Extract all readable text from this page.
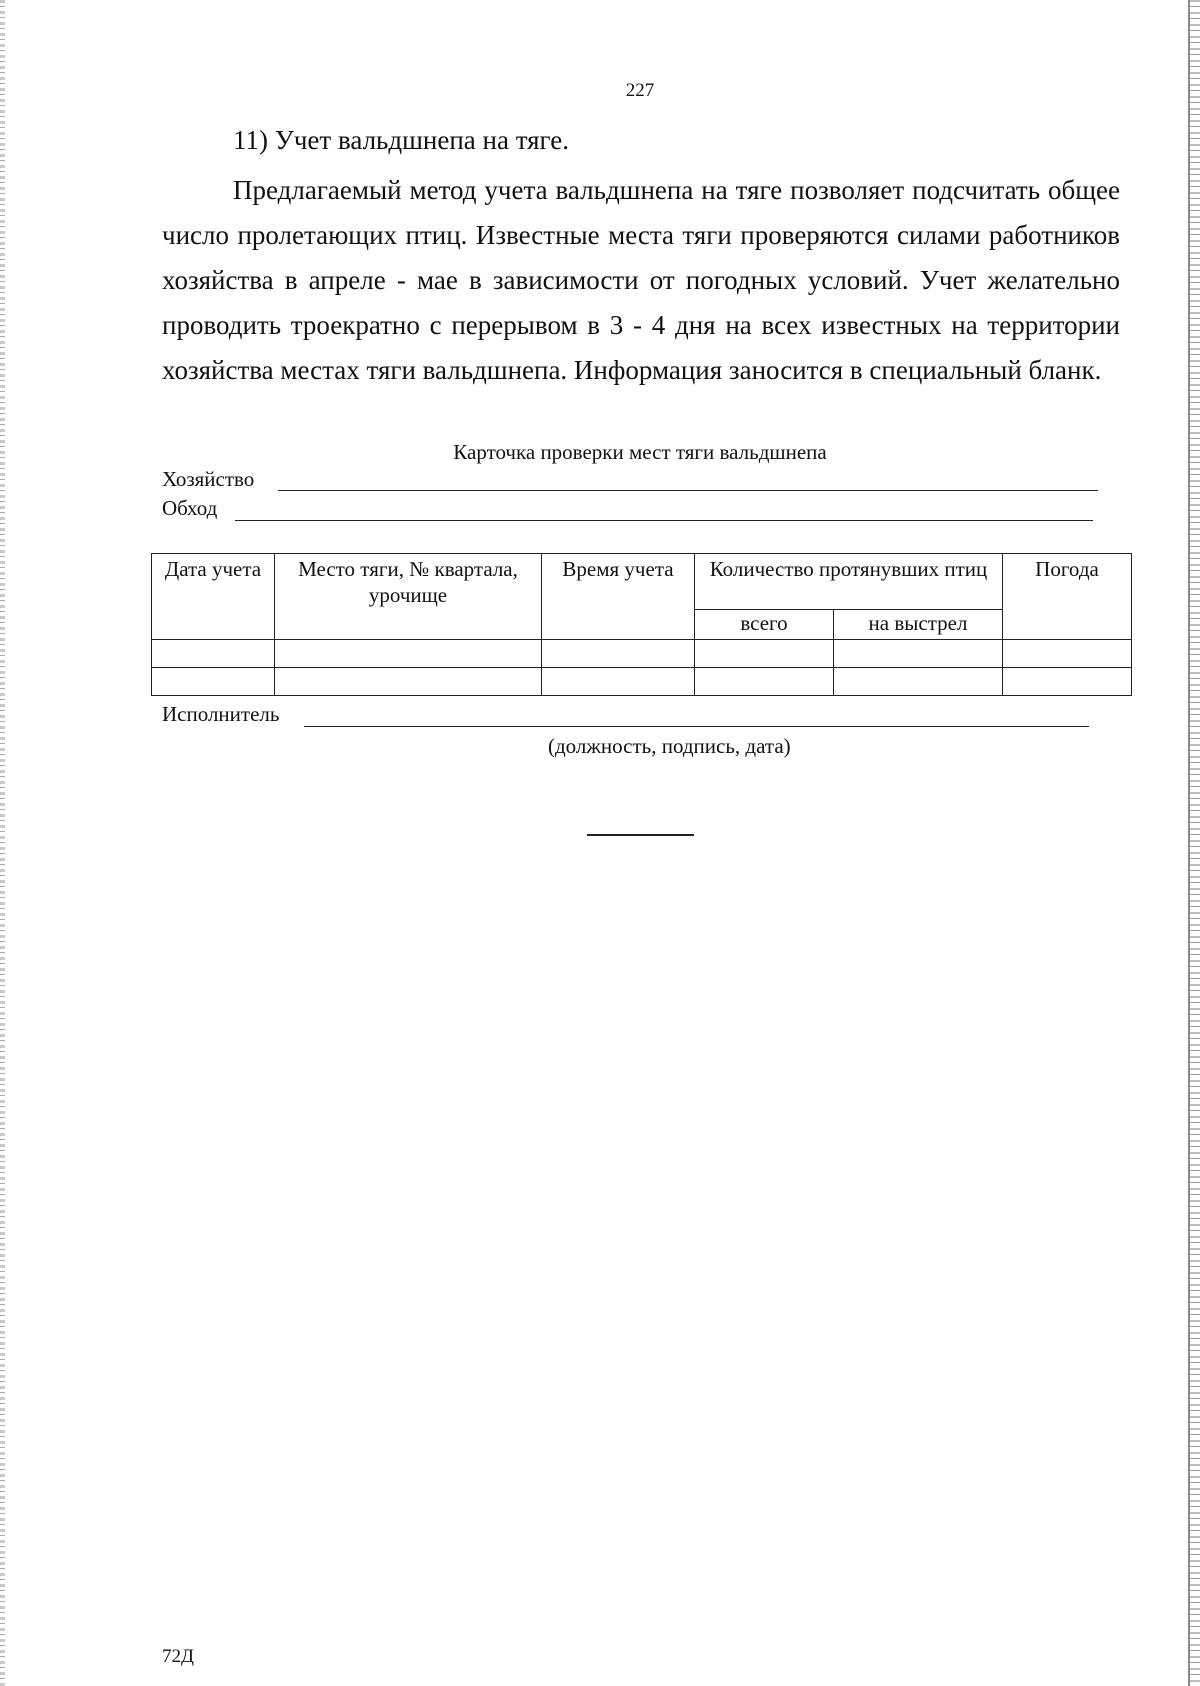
227
11) Учет вальдшнепа на тяге.
Предлагаемый метод учета вальдшнепа на тяге позволяет подсчитать общее число пролетающих птиц. Известные места тяги проверяются силами работников хозяйства в апреле - мае в зависимости от погодных условий. Учет желательно проводить троекратно с перерывом в 3 - 4 дня на всех известных на территории хозяйства местах тяги вальдшнепа. Информация заносится в специальный бланк.
Карточка проверки мест тяги вальдшнепа
Хозяйство
Обход
Дата учета	Место тяги, № квартала, урочище	Время учета	Количество протянувших птиц		Погода
			всего	на выстрел	

Исполнитель
(должность, подпись, дата)
72Д
